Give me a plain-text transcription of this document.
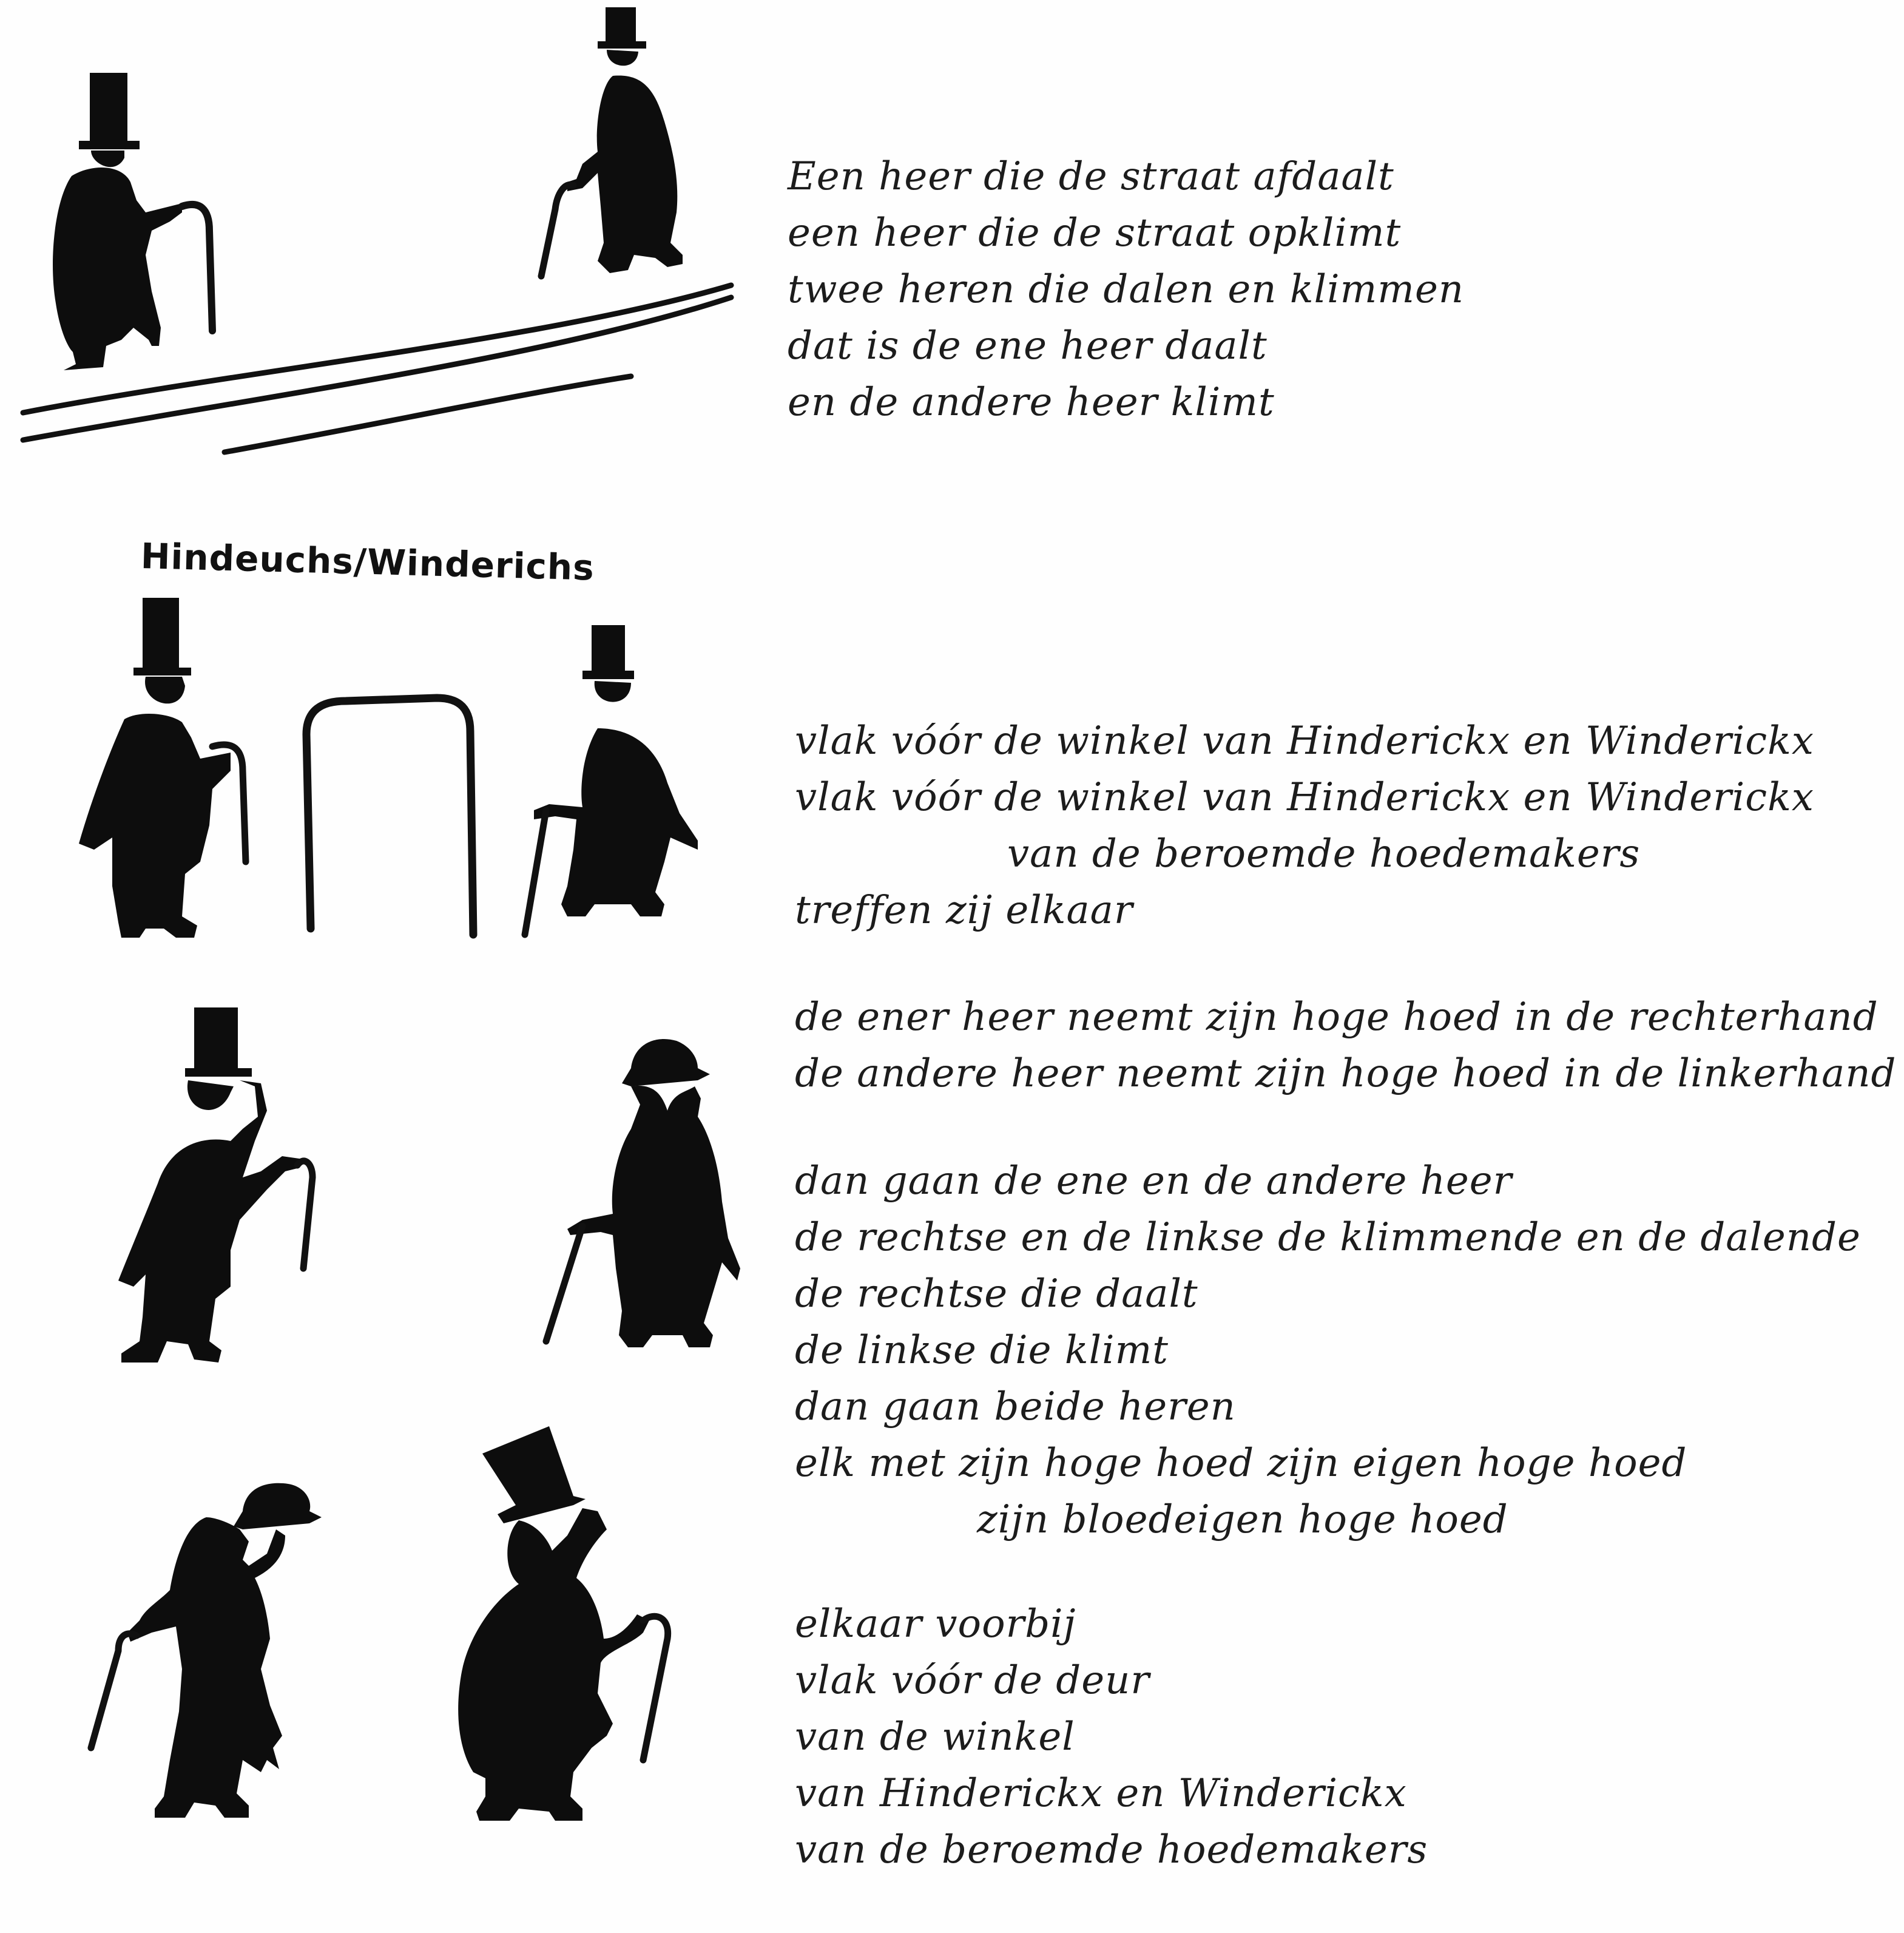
Hindeuchs/Winderichs
Een heer die de straat afdaalt
een heer die de straat opklimt
twee heren die dalen en klimmen
dat is de ene heer daalt
en de andere heer klimt
vlak vóór de winkel van Hinderickx en Winderickx
vlak vóór de winkel van Hinderickx en Winderickx
van de beroemde hoedemakers
treffen zij elkaar
de ener heer neemt zijn hoge hoed in de rechterhand
de andere heer neemt zijn hoge hoed in de linkerhand
dan gaan de ene en de andere heer
de rechtse en de linkse de klimmende en de dalende
de rechtse die daalt
de linkse die klimt
dan gaan beide heren
elk met zijn hoge hoed zijn eigen hoge hoed
zijn bloedeigen hoge hoed
elkaar voorbij
vlak vóór de deur
van de winkel
van Hinderickx en Winderickx
van de beroemde hoedemakers
